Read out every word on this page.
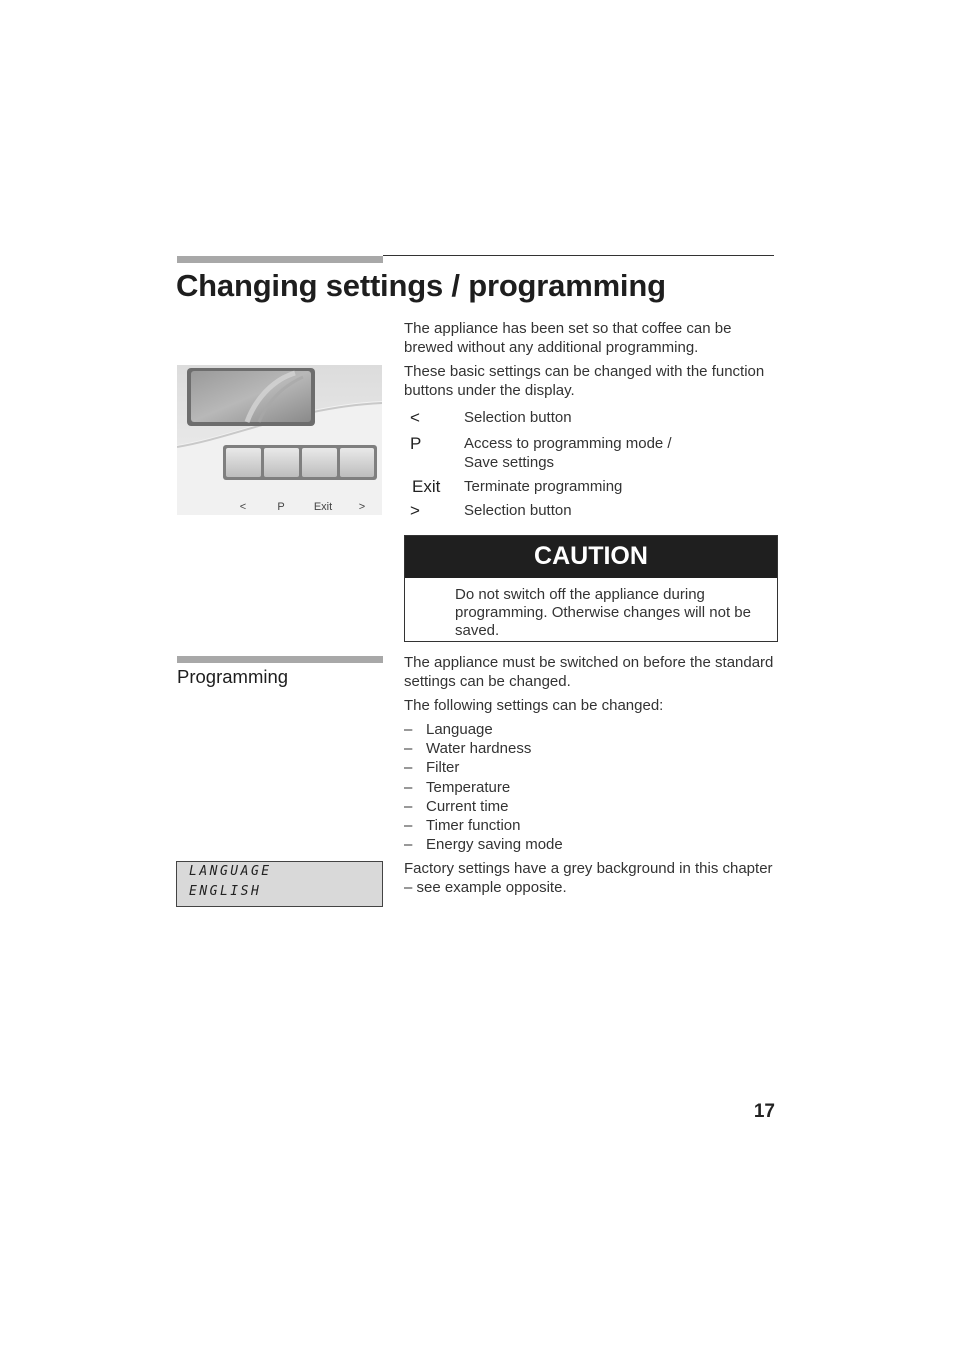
Changing settings / programming

The appliance has been set so that coffee can be brewed without any additional programming.

These basic settings can be changed with the function buttons under the display.

<	P	Exit >
<	Selection button
P	Access to programming mode / Save settings
Exit Terminate programming
>	Selection button
CAUTION
Do not switch off the appliance during programming. Otherwise changes will not be saved.
Programming

The appliance must be switched on before the standard settings can be changed.

The following settings can be changed:

– Language
– Water hardness
– Filter
– Temperature
– Current time
– Timer function
– Energy saving mode

Factory settings have a grey background in this chapter – see example opposite.

LANGUAGE
ENGLISH
17
